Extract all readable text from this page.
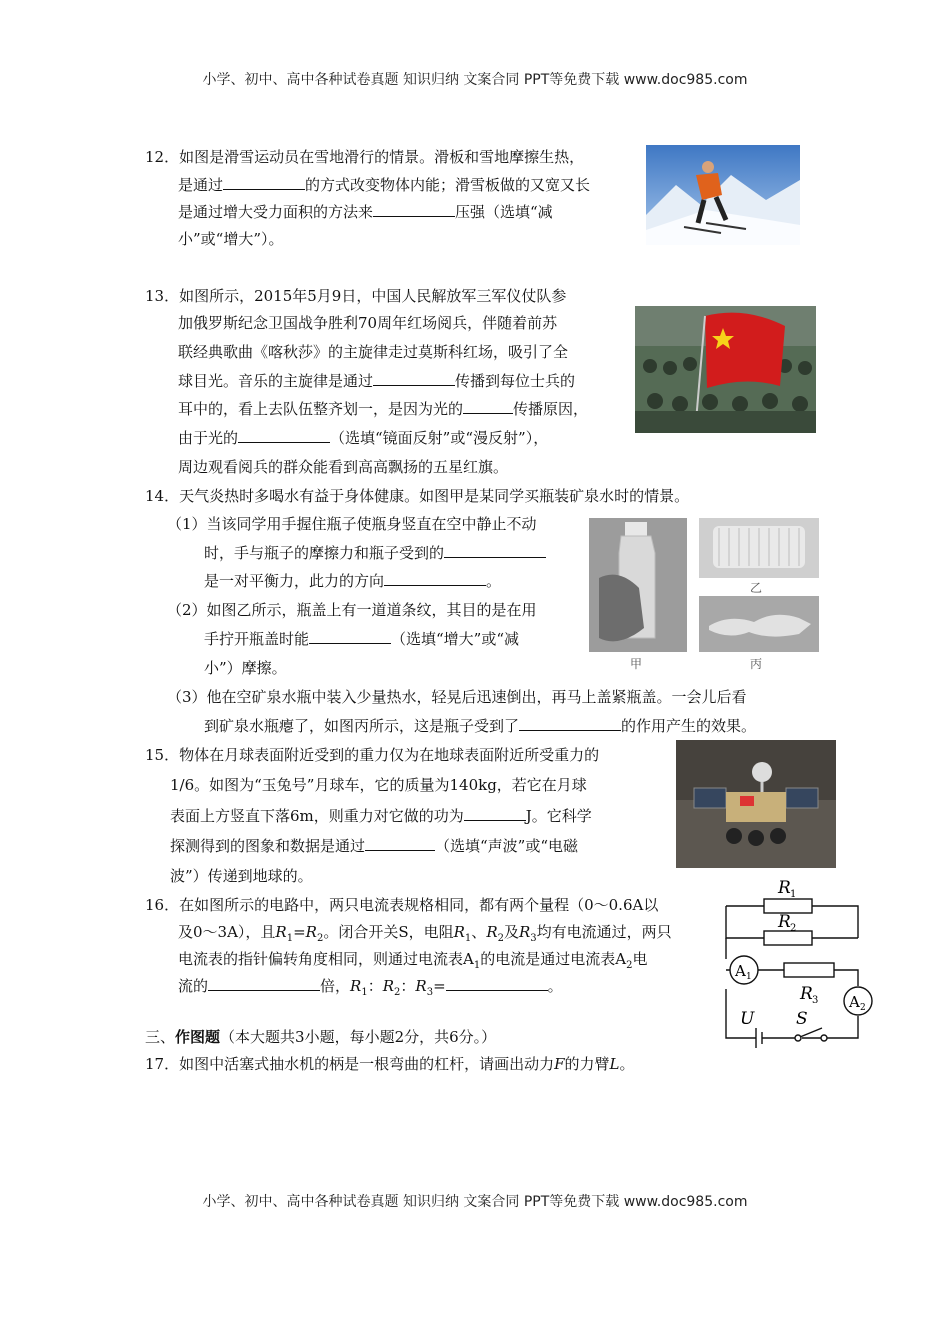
小学、初中、高中各种试卷真题 知识归纳 文案合同 PPT等免费下载 www.doc985.com
小学、初中、高中各种试卷真题 知识归纳 文案合同 PPT等免费下载 www.doc985.com
12．如图是滑雪运动员在雪地滑行的情景。滑板和雪地摩擦生热，
是通过	的方式改变物体内能；滑雪板做的又宽又长
是通过增大受力面积的方法来	压强（选填“减
小”或“增大”）。
13．如图所示，2015年5月9日，中国人民解放军三军仪仗队参
加俄罗斯纪念卫国战争胜利70周年红场阅兵，伴随着前苏
联经典歌曲《喀秋莎》的主旋律走过莫斯科红场，吸引了全
球目光。音乐的主旋律是通过	传播到每位士兵的
耳中的，看上去队伍整齐划一，是因为光的	传播原因，
由于光的	（选填“镜面反射”或“漫反射”），
周边观看阅兵的群众能看到高高飘扬的五星红旗。
14．天气炎热时多喝水有益于身体健康。如图甲是某同学买瓶装矿泉水时的情景。
（1）当该同学用手握住瓶子使瓶身竖直在空中静止不动
时，手与瓶子的摩擦力和瓶子受到的
是一对平衡力，此力的方向	。
（2）如图乙所示，瓶盖上有一道道条纹，其目的是在用
手拧开瓶盖时能	（选填“增大”或“减
小”）摩擦。
（3）他在空矿泉水瓶中装入少量热水，轻晃后迅速倒出，再马上盖紧瓶盖。一会儿后看
到矿泉水瓶瘪了，如图丙所示，这是瓶子受到了	的作用产生的效果。
甲
乙
丙
15．物体在月球表面附近受到的重力仅为在地球表面附近所受重力的
1/6。如图为“玉兔号”月球车，它的质量为140kg，若它在月球
表面上方竖直下落6m，则重力对它做的功为	J。它科学
探测得到的图象和数据是通过	（选填“声波”或“电磁
波”）传递到地球的。
16．在如图所示的电路中，两只电流表规格相同，都有两个量程（0～0.6A以
及0～3A），且$R_1=R_2$。闭合开关S，电阻$R_1$、$R_2$及$R_3$均有电流通过，两只
电流表的指针偏转角度相同，则通过电流表$A_1$的电流是通过电流表$A_2$电
流的	倍，$R_1$：$R_2$：$R_3=$	。
R 1
R 2
R 3
A 1
A 2
U S
三、作图题（本大题共3小题，每小题2分，共6分。）
17．如图中活塞式抽水机的柄是一根弯曲的杠杆，请画出动力F的力臂L。
